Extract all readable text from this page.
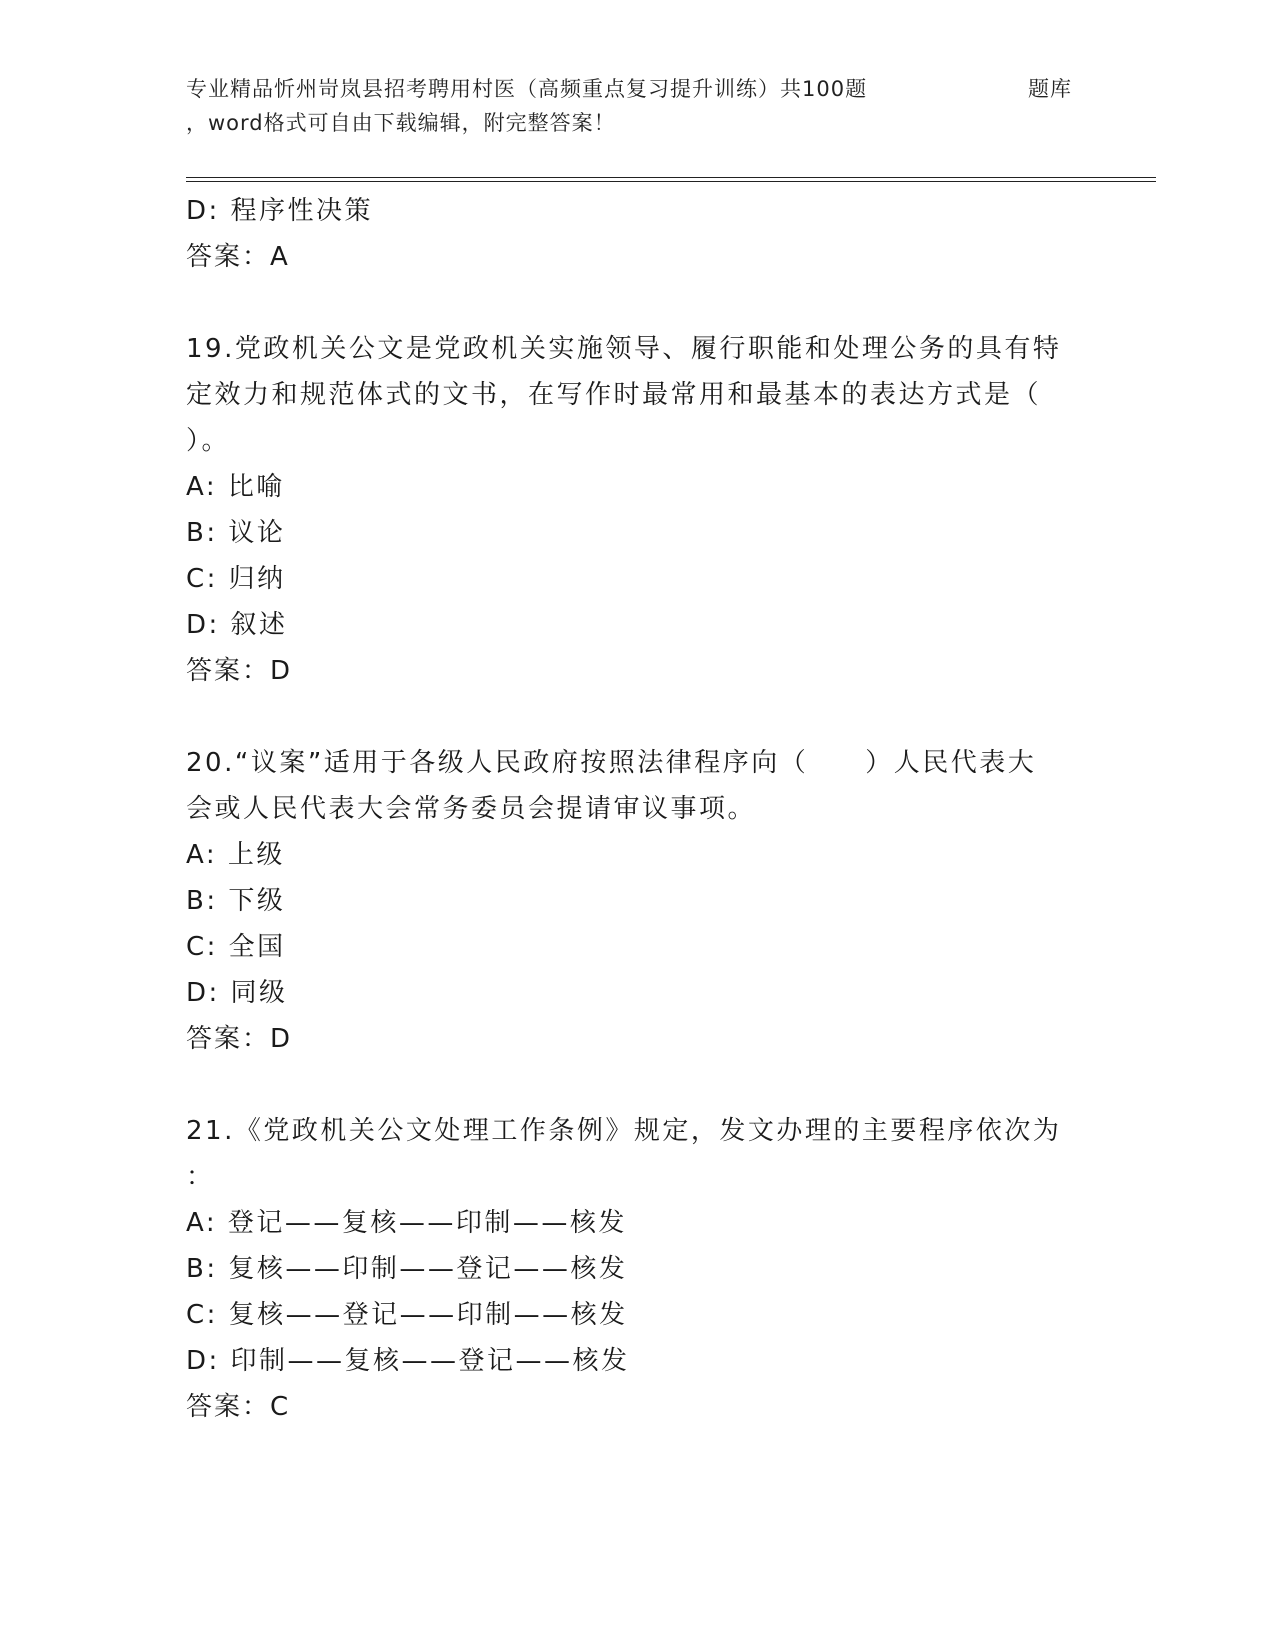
专业精品忻州岢岚县招考聘用村医（高频重点复习提升训练）共100题	题库
，word格式可自由下载编辑，附完整答案！
D: 程序性决策
答案：A
19.党政机关公文是党政机关实施领导、履行职能和处理公务的具有特
定效力和规范体式的文书，在写作时最常用和最基本的表达方式是（
）。
A: 比喻
B: 议论
C: 归纳
D: 叙述
答案：D
20.“议案”适用于各级人民政府按照法律程序向（　　）人民代表大
会或人民代表大会常务委员会提请审议事项。
A: 上级
B: 下级
C: 全国
D: 同级
答案：D
21.《党政机关公文处理工作条例》规定，发文办理的主要程序依次为
：
A: 登记——复核——印制——核发
B: 复核——印制——登记——核发
C: 复核——登记——印制——核发
D: 印制——复核——登记——核发
答案：C
